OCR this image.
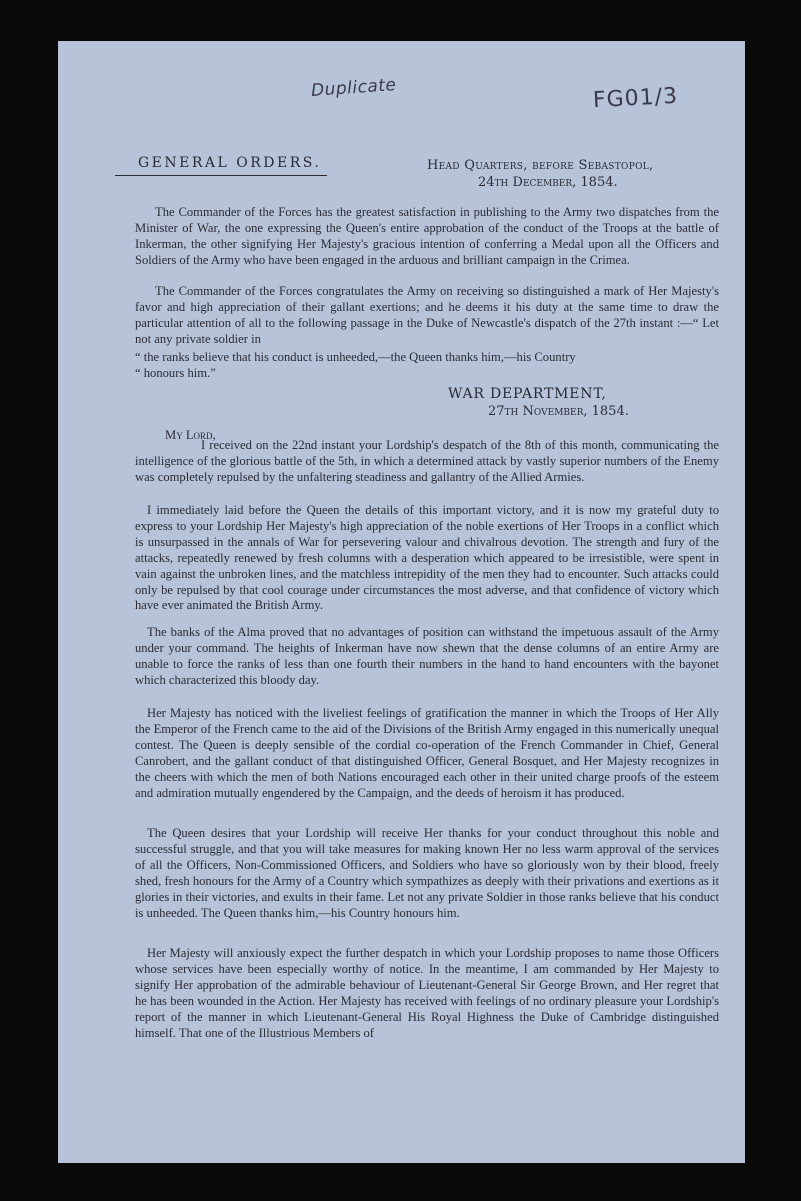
Duplicate	FG01/3
GENERAL ORDERS.	Head Quarters, before Sebastopol,
24th December, 1854.

The Commander of the Forces has the greatest satisfaction in publishing to the Army two dispatches from the Minister of War, the one expressing the Queen's entire approbation of the conduct of the Troops at the battle of Inkerman, the other signifying Her Majesty's gracious intention of conferring a Medal upon all the Officers and Soldiers of the Army who have been engaged in the arduous and brilliant campaign in the Crimea.

The Commander of the Forces congratulates the Army on receiving so distinguished a mark of Her Majesty's favor and high appreciation of their gallant exertions; and he deems it his duty at the same time to draw the particular attention of all to the following passage in the Duke of Newcastle's dispatch of the 27th instant :—“ Let not any private soldier in

“ the ranks believe that his conduct is unheeded,—the Queen thanks him,—his Country
“ honours him.”
WAR DEPARTMENT,
27th November, 1854.
My Lord,

I received on the 22nd instant your Lordship's despatch of the 8th of this month, communicating the intelligence of the glorious battle of the 5th, in which a determined attack by vastly superior numbers of the Enemy was completely repulsed by the unfaltering steadiness and gallantry of the Allied Armies.

I immediately laid before the Queen the details of this important victory, and it is now my grateful duty to express to your Lordship Her Majesty's high appreciation of the noble exertions of Her Troops in a conflict which is unsurpassed in the annals of War for persevering valour and chivalrous devotion. The strength and fury of the attacks, repeatedly renewed by fresh columns with a desperation which appeared to be irresistible, were spent in vain against the unbroken lines, and the matchless intrepidity of the men they had to encounter. Such attacks could only be repulsed by that cool courage under circumstances the most adverse, and that confidence of victory which have ever animated the British Army.

The banks of the Alma proved that no advantages of position can withstand the impetuous assault of the Army under your command. The heights of Inkerman have now shewn that the dense columns of an entire Army are unable to force the ranks of less than one fourth their numbers in the hand to hand encounters with the bayonet which characterized this bloody day.

Her Majesty has noticed with the liveliest feelings of gratification the manner in which the Troops of Her Ally the Emperor of the French came to the aid of the Divisions of the British Army engaged in this numerically unequal contest. The Queen is deeply sensible of the cordial co-operation of the French Commander in Chief, General Canrobert, and the gallant conduct of that distinguished Officer, General Bosquet, and Her Majesty recognizes in the cheers with which the men of both Nations encouraged each other in their united charge proofs of the esteem and admiration mutually engendered by the Campaign, and the deeds of heroism it has produced.

The Queen desires that your Lordship will receive Her thanks for your conduct throughout this noble and successful struggle, and that you will take measures for making known Her no less warm approval of the services of all the Officers, Non-Commissioned Officers, and Soldiers who have so gloriously won by their blood, freely shed, fresh honours for the Army of a Country which sympathizes as deeply with their privations and exertions as it glories in their victories, and exults in their fame. Let not any private Soldier in those ranks believe that his conduct is unheeded. The Queen thanks him,—his Country honours him.

Her Majesty will anxiously expect the further despatch in which your Lordship proposes to name those Officers whose services have been especially worthy of notice. In the meantime, I am commanded by Her Majesty to signify Her approbation of the admirable behaviour of Lieutenant-General Sir George Brown, and Her regret that he has been wounded in the Action. Her Majesty has received with feelings of no ordinary pleasure your Lordship's report of the manner in which Lieutenant-General His Royal Highness the Duke of Cambridge distinguished himself. That one of the Illustrious Members of
